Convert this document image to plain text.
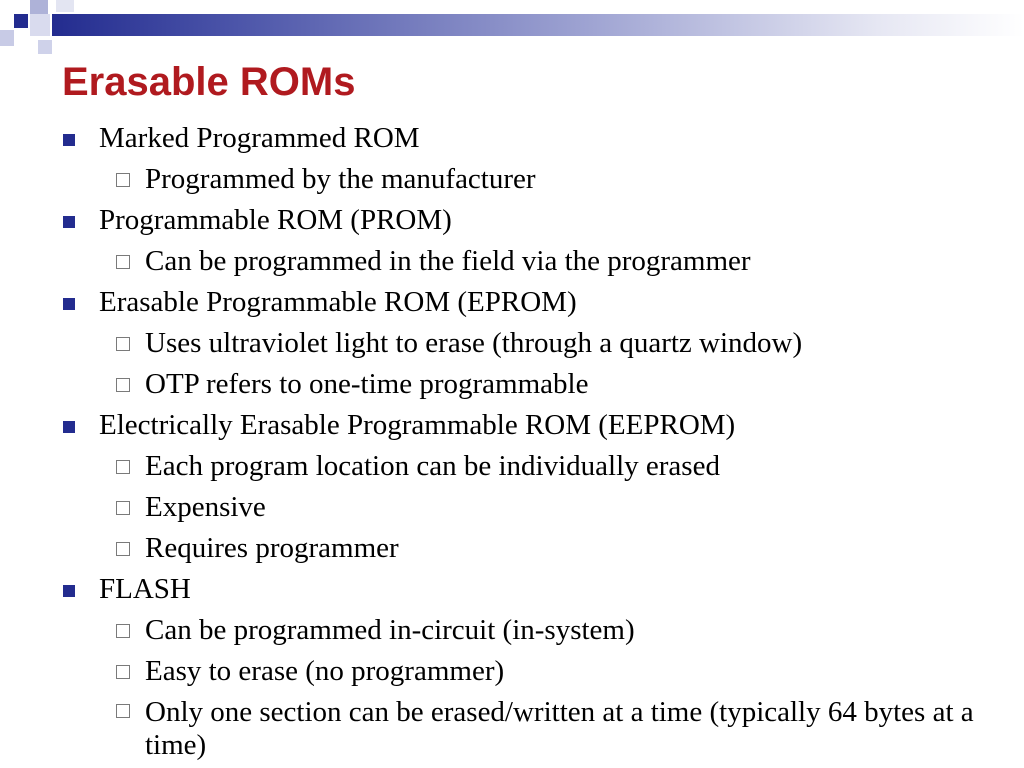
Erasable ROMs

Marked Programmed ROM

Programmed by the manufacturer

Programmable ROM (PROM)

Can be programmed in the field via the programmer

Erasable Programmable ROM (EPROM)

Uses ultraviolet light to erase (through a quartz window)

OTP refers to one-time programmable

Electrically Erasable Programmable ROM (EEPROM)

Each program location can be individually erased

Expensive

Requires programmer

FLASH

Can be programmed in-circuit (in-system)

Easy to erase (no programmer)

Only one section can be erased/written at a time (typically 64 bytes at a time)
